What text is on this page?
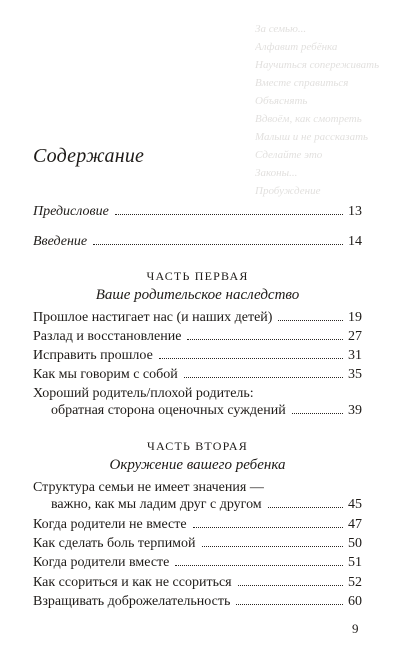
За семью...
Алфавит ребёнка
Научиться сопереживать
Вместе справиться
Объяснять
Вдвоём, как смотреть
Малыш и не рассказать
Сделайте это
Законы...
Пробуждение
Содержание
Предисловие	13
Введение	14
ЧАСТЬ ПЕРВАЯ
Ваше родительское наследство
Прошлое настигает нас (и наших детей)	19
Разлад и восстановление	27
Исправить прошлое	31
Как мы говорим с собой	35
Хороший родитель/плохой родитель:
обратная сторона оценочных суждений	39
ЧАСТЬ ВТОРАЯ
Окружение вашего ребенка
Структура семьи не имеет значения —
важно, как мы ладим друг с другом	45
Когда родители не вместе	47
Как сделать боль терпимой	50
Когда родители вместе	51
Как ссориться и как не ссориться	52
Взращивать доброжелательность	60
9
